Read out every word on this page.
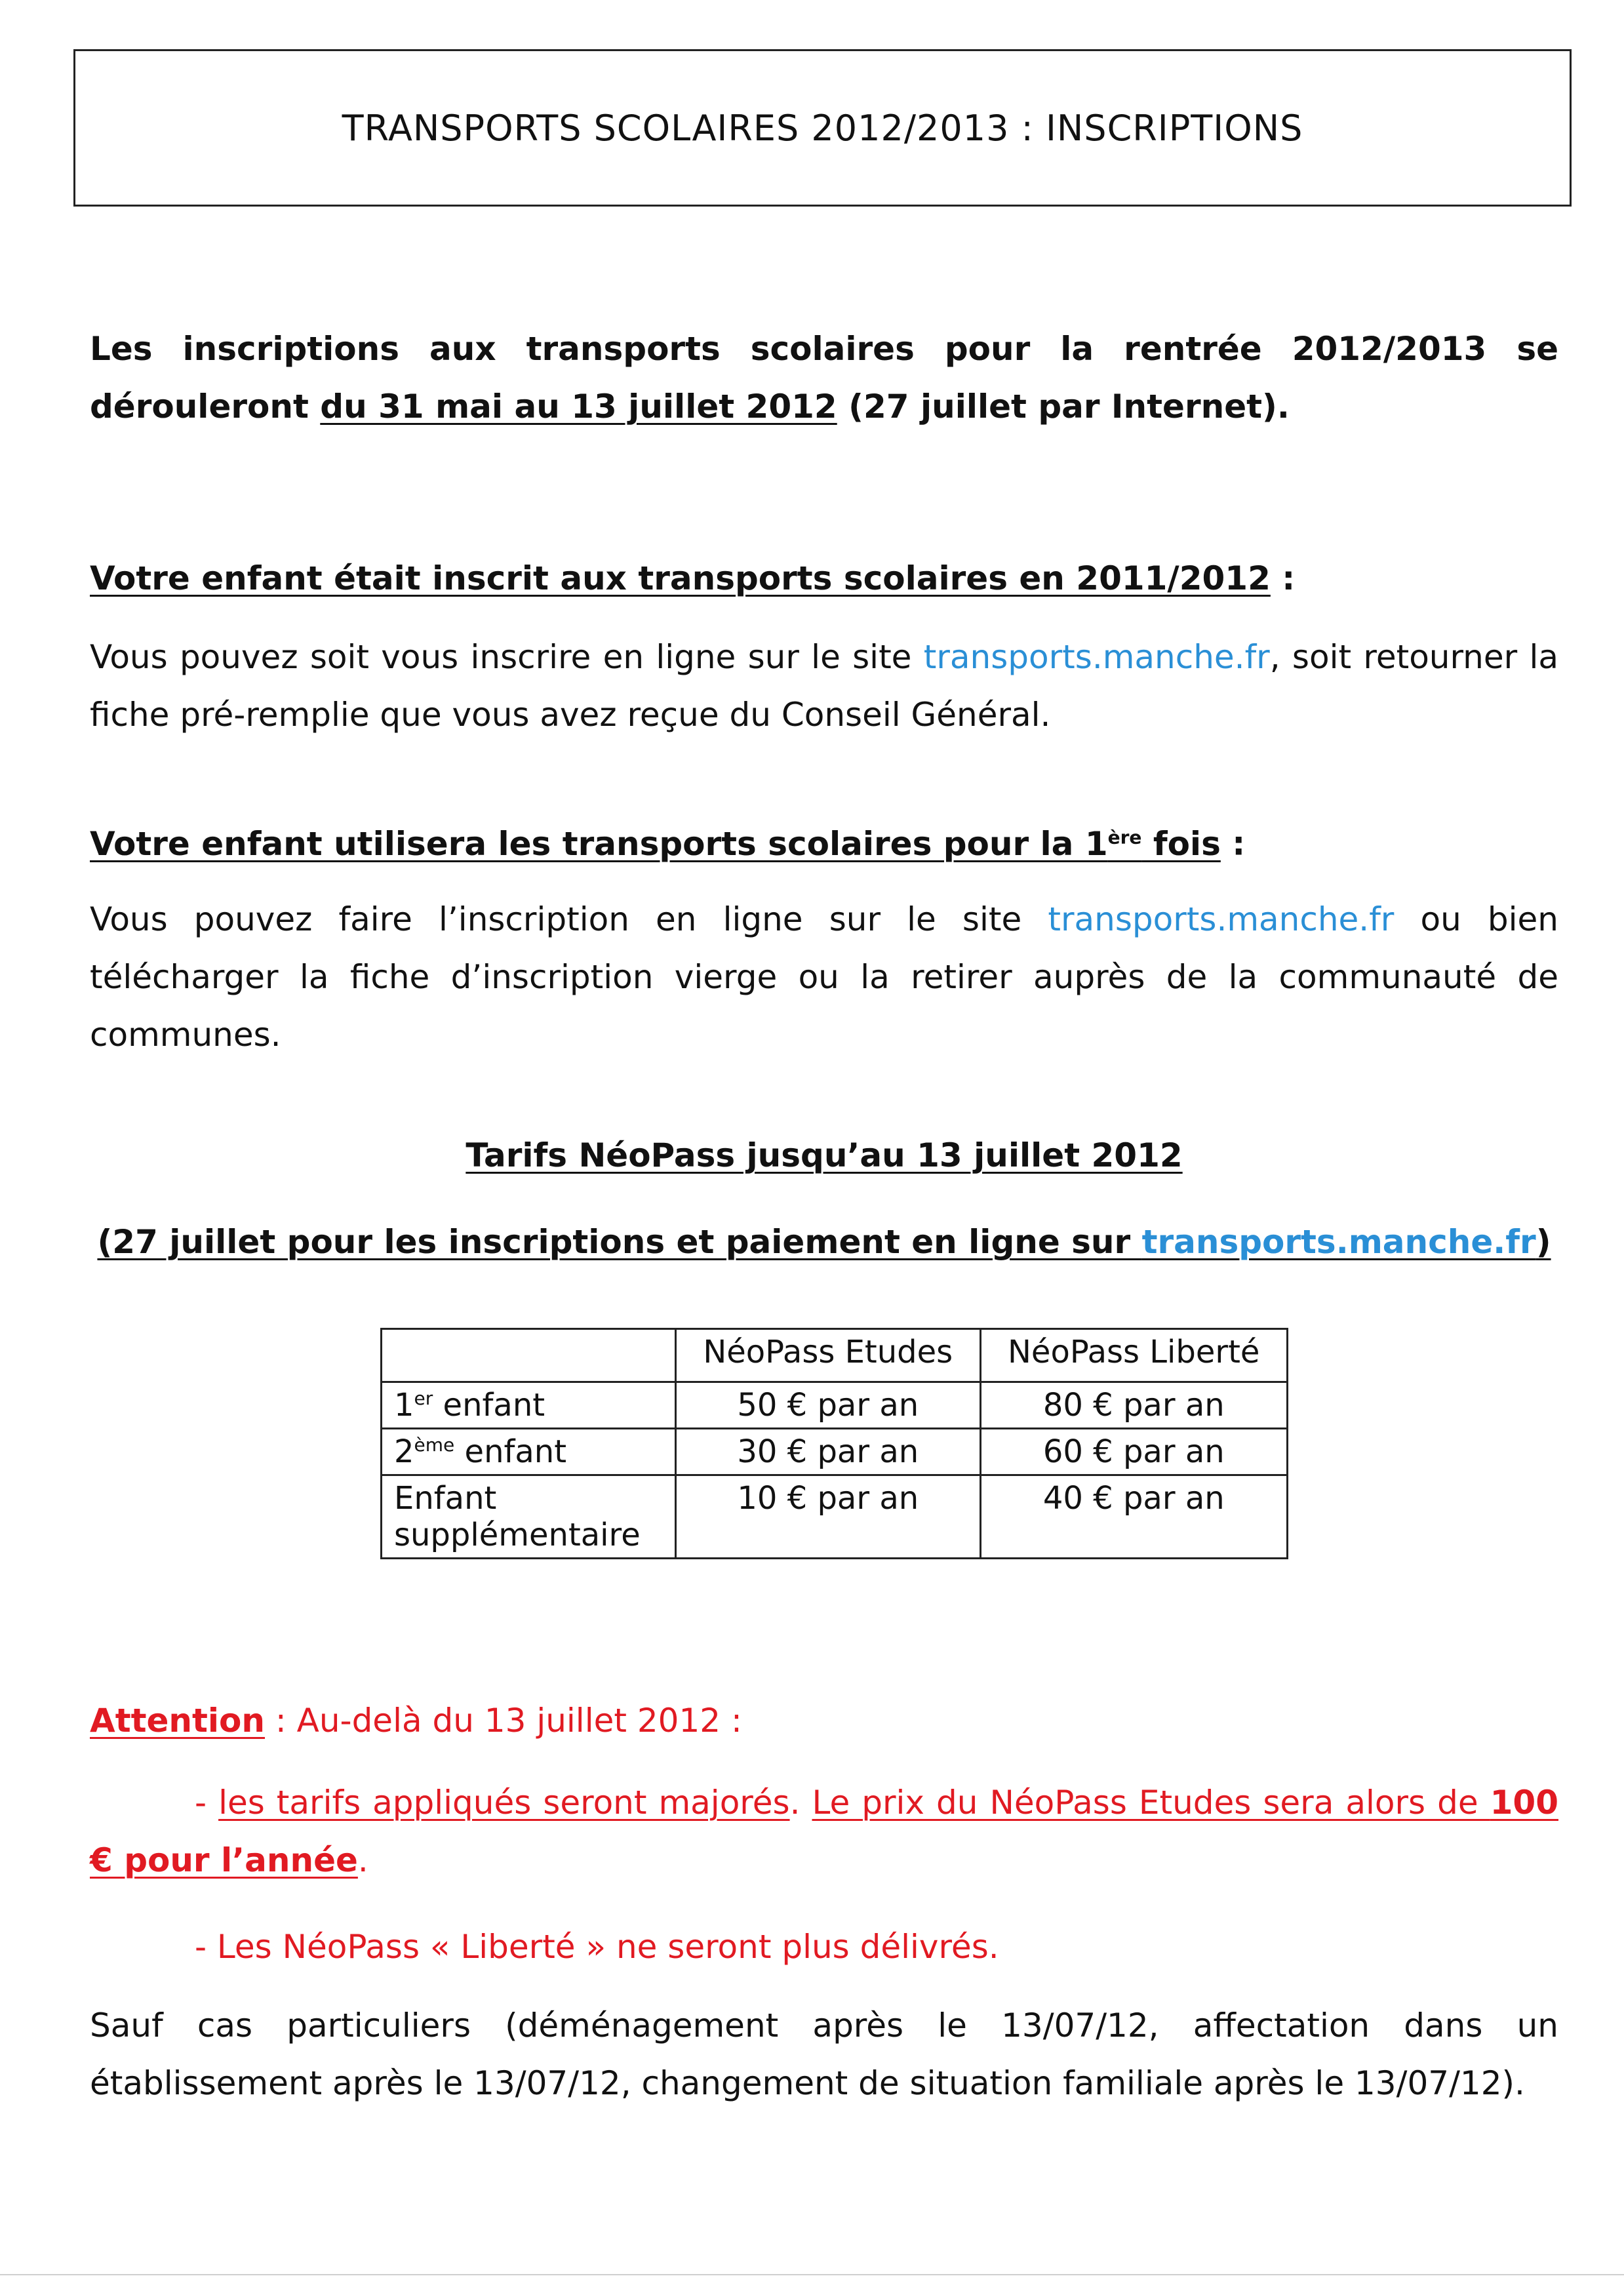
TRANSPORTS SCOLAIRES 2012/2013 : INSCRIPTIONS

Les inscriptions aux transports scolaires pour la rentrée 2012/2013 se dérouleront du 31 mai au 13 juillet 2012 (27 juillet par Internet).

Votre enfant était inscrit aux transports scolaires en 2011/2012 :

Vous pouvez soit vous inscrire en ligne sur le site transports.manche.fr, soit retourner la fiche pré-remplie que vous avez reçue du Conseil Général.

Votre enfant utilisera les transports scolaires pour la 1ère fois :

Vous pouvez faire l’inscription en ligne sur le site transports.manche.fr ou bien télécharger la fiche d’inscription vierge ou la retirer auprès de la communauté de communes.

Tarifs NéoPass jusqu’au 13 juillet 2012

(27 juillet pour les inscriptions et paiement en ligne sur transports.manche.fr)

	NéoPass Etudes	NéoPass Liberté
1er enfant	50 € par an	80 € par an
2ème enfant	30 € par an	60 € par an
Enfant
supplémentaire	10 € par an	40 € par an

Attention : Au-delà du 13 juillet 2012 :

- les tarifs appliqués seront majorés. Le prix du NéoPass Etudes sera alors de 100 € pour l’année.

- Les NéoPass « Liberté » ne seront plus délivrés.

Sauf cas particuliers (déménagement après le 13/07/12, affectation dans un établissement après le 13/07/12, changement de situation familiale après le 13/07/12).
